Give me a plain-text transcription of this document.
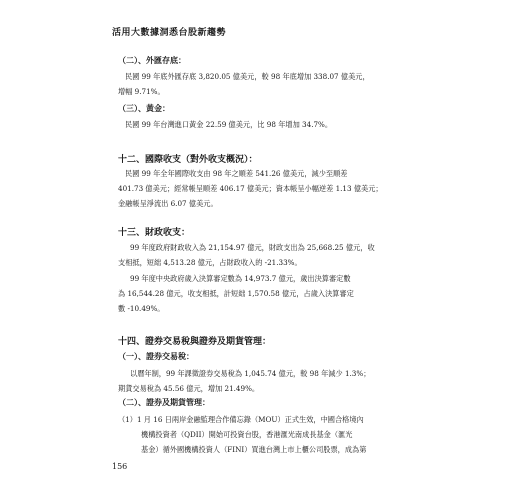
活用大數據洞悉台股新趨勢
（二）、外匯存底：
民國 99 年底外匯存底 3,820.05 億美元，較 98 年底增加 338.07 億美元，
增幅 9.71%。
（三）、黃金：
民國 99 年台灣進口黃金 22.59 億美元，比 98 年增加 34.7%。
十二、國際收支（對外收支概況）：
民國 99 年全年國際收支由 98 年之順差 541.26 億美元，減少至順差
401.73 億美元；經常帳呈順差 406.17 億美元；資本帳呈小幅逆差 1.13 億美元；
金融帳呈淨流出 6.07 億美元。
十三、財政收支：
99 年度政府財政收入為 21,154.97 億元，財政支出為 25,668.25 億元，收
支相抵，短絀 4,513.28 億元，占財政收入的 -21.33%。
99 年度中央政府歲入決算審定數為 14,973.7 億元，歲出決算審定數
為 16,544.28 億元，收支相抵，計短絀 1,570.58 億元，占歲入決算審定
數 -10.49%。
十四、證券交易稅與證券及期貨管理：
（一）、證券交易稅：
以曆年制，99 年課徵證券交易稅為 1,045.74 億元，較 98 年減少 1.3%；
期貨交易稅為 45.56 億元，增加 21.49%。
（二）、證券及期貨管理：
（1）1 月 16 日兩岸金融監理合作備忘錄（MOU）正式生效，中國合格境內
機構投資者（QDII）開始可投資台股，香港滙光南成長基金（滙光
基金）循外國機構投資人（FINI）買進台灣上市上櫃公司股票，成為第
156
